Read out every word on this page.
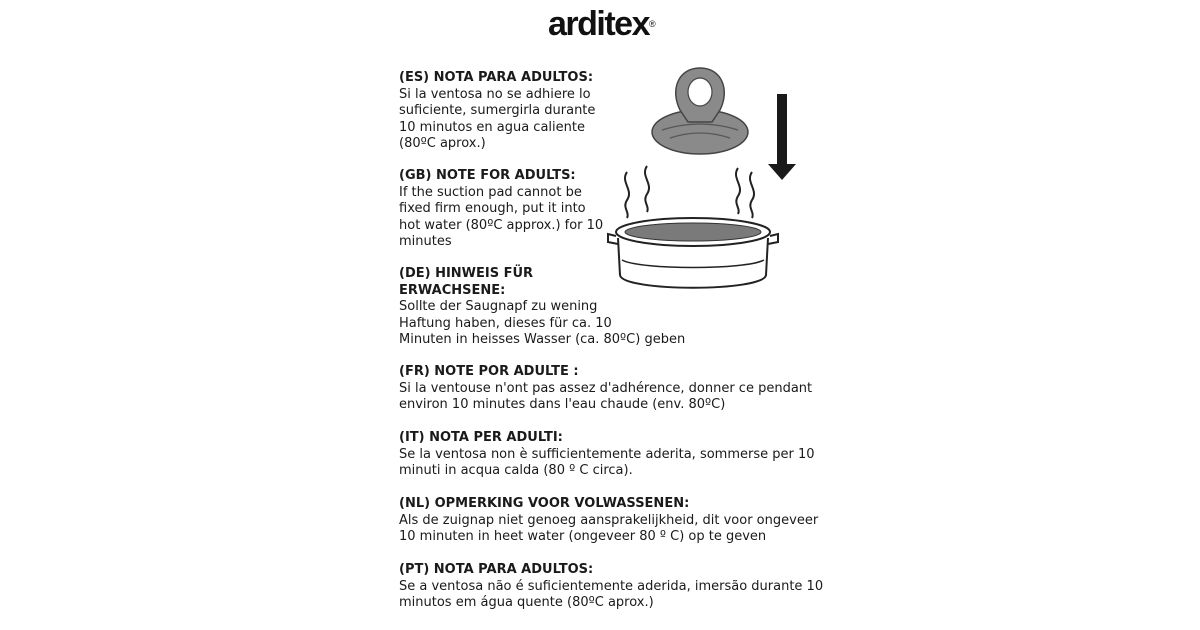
arditex®
(ES) NOTA PARA ADULTOS:
Si la ventosa no se adhiere lo
suficiente, sumergirla durante
10 minutos en agua caliente
(80ºC aprox.)
(GB) NOTE FOR ADULTS:
If the suction pad cannot be
fixed firm enough, put it into
hot water (80ºC approx.) for 10
minutes
(DE) HINWEIS FÜR
ERWACHSENE:
Sollte der Saugnapf zu wening
Haftung haben, dieses für ca. 10
Minuten in heisses Wasser (ca. 80ºC) geben
(FR) NOTE POR ADULTE :
Si la ventouse n'ont pas assez d'adhérence, donner ce pendant
environ 10 minutes dans l'eau chaude (env. 80ºC)
(IT) NOTA PER ADULTI:
Se la ventosa non è sufficientemente aderita, sommerse per 10
minuti in acqua calda (80 º C circa).
(NL) OPMERKING VOOR VOLWASSENEN:
Als de zuignap niet genoeg aansprakelijkheid, dit voor ongeveer
10 minuten in heet water (ongeveer 80 º C) op te geven
(PT) NOTA PARA ADULTOS:
Se a ventosa não é suficientemente aderida, imersão durante 10
minutos em água quente (80ºC aprox.)
